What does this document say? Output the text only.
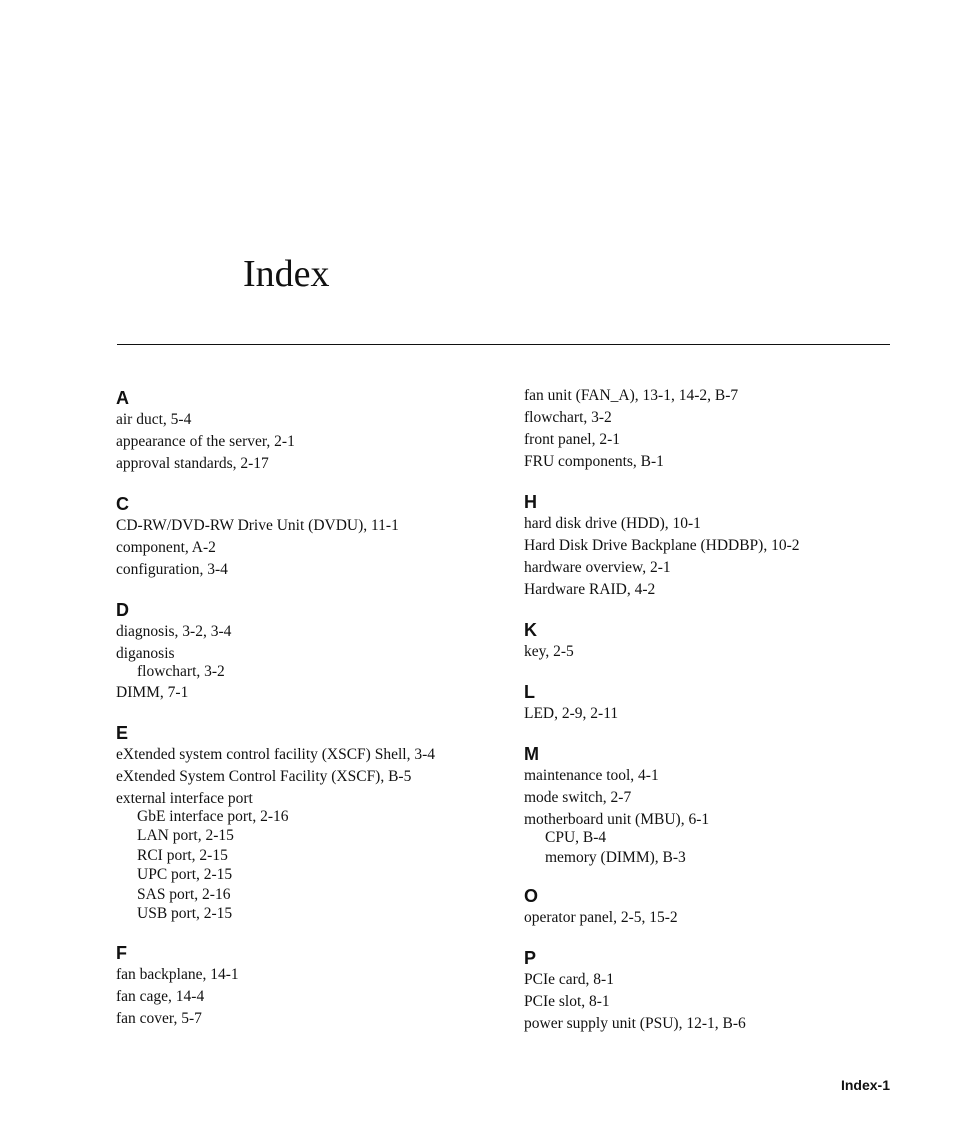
Index
A
air duct, 5-4
appearance of the server, 2-1
approval standards, 2-17
C
CD-RW/DVD-RW Drive Unit (DVDU), 11-1
component, A-2
configuration, 3-4
D
diagnosis, 3-2, 3-4
diganosis
flowchart, 3-2
DIMM, 7-1
E
eXtended system control facility (XSCF) Shell, 3-4
eXtended System Control Facility (XSCF), B-5
external interface port
GbE interface port, 2-16
LAN port, 2-15
RCI port, 2-15
UPC port, 2-15
SAS port, 2-16
USB port, 2-15
F
fan backplane, 14-1
fan cage, 14-4
fan cover, 5-7
fan unit (FAN_A), 13-1, 14-2, B-7
flowchart, 3-2
front panel, 2-1
FRU components, B-1
H
hard disk drive (HDD), 10-1
Hard Disk Drive Backplane (HDDBP), 10-2
hardware overview, 2-1
Hardware RAID, 4-2
K
key, 2-5
L
LED, 2-9, 2-11
M
maintenance tool, 4-1
mode switch, 2-7
motherboard unit (MBU), 6-1
CPU, B-4
memory (DIMM), B-3
O
operator panel, 2-5, 15-2
P
PCIe card, 8-1
PCIe slot, 8-1
power supply unit (PSU), 12-1, B-6
Index-1
